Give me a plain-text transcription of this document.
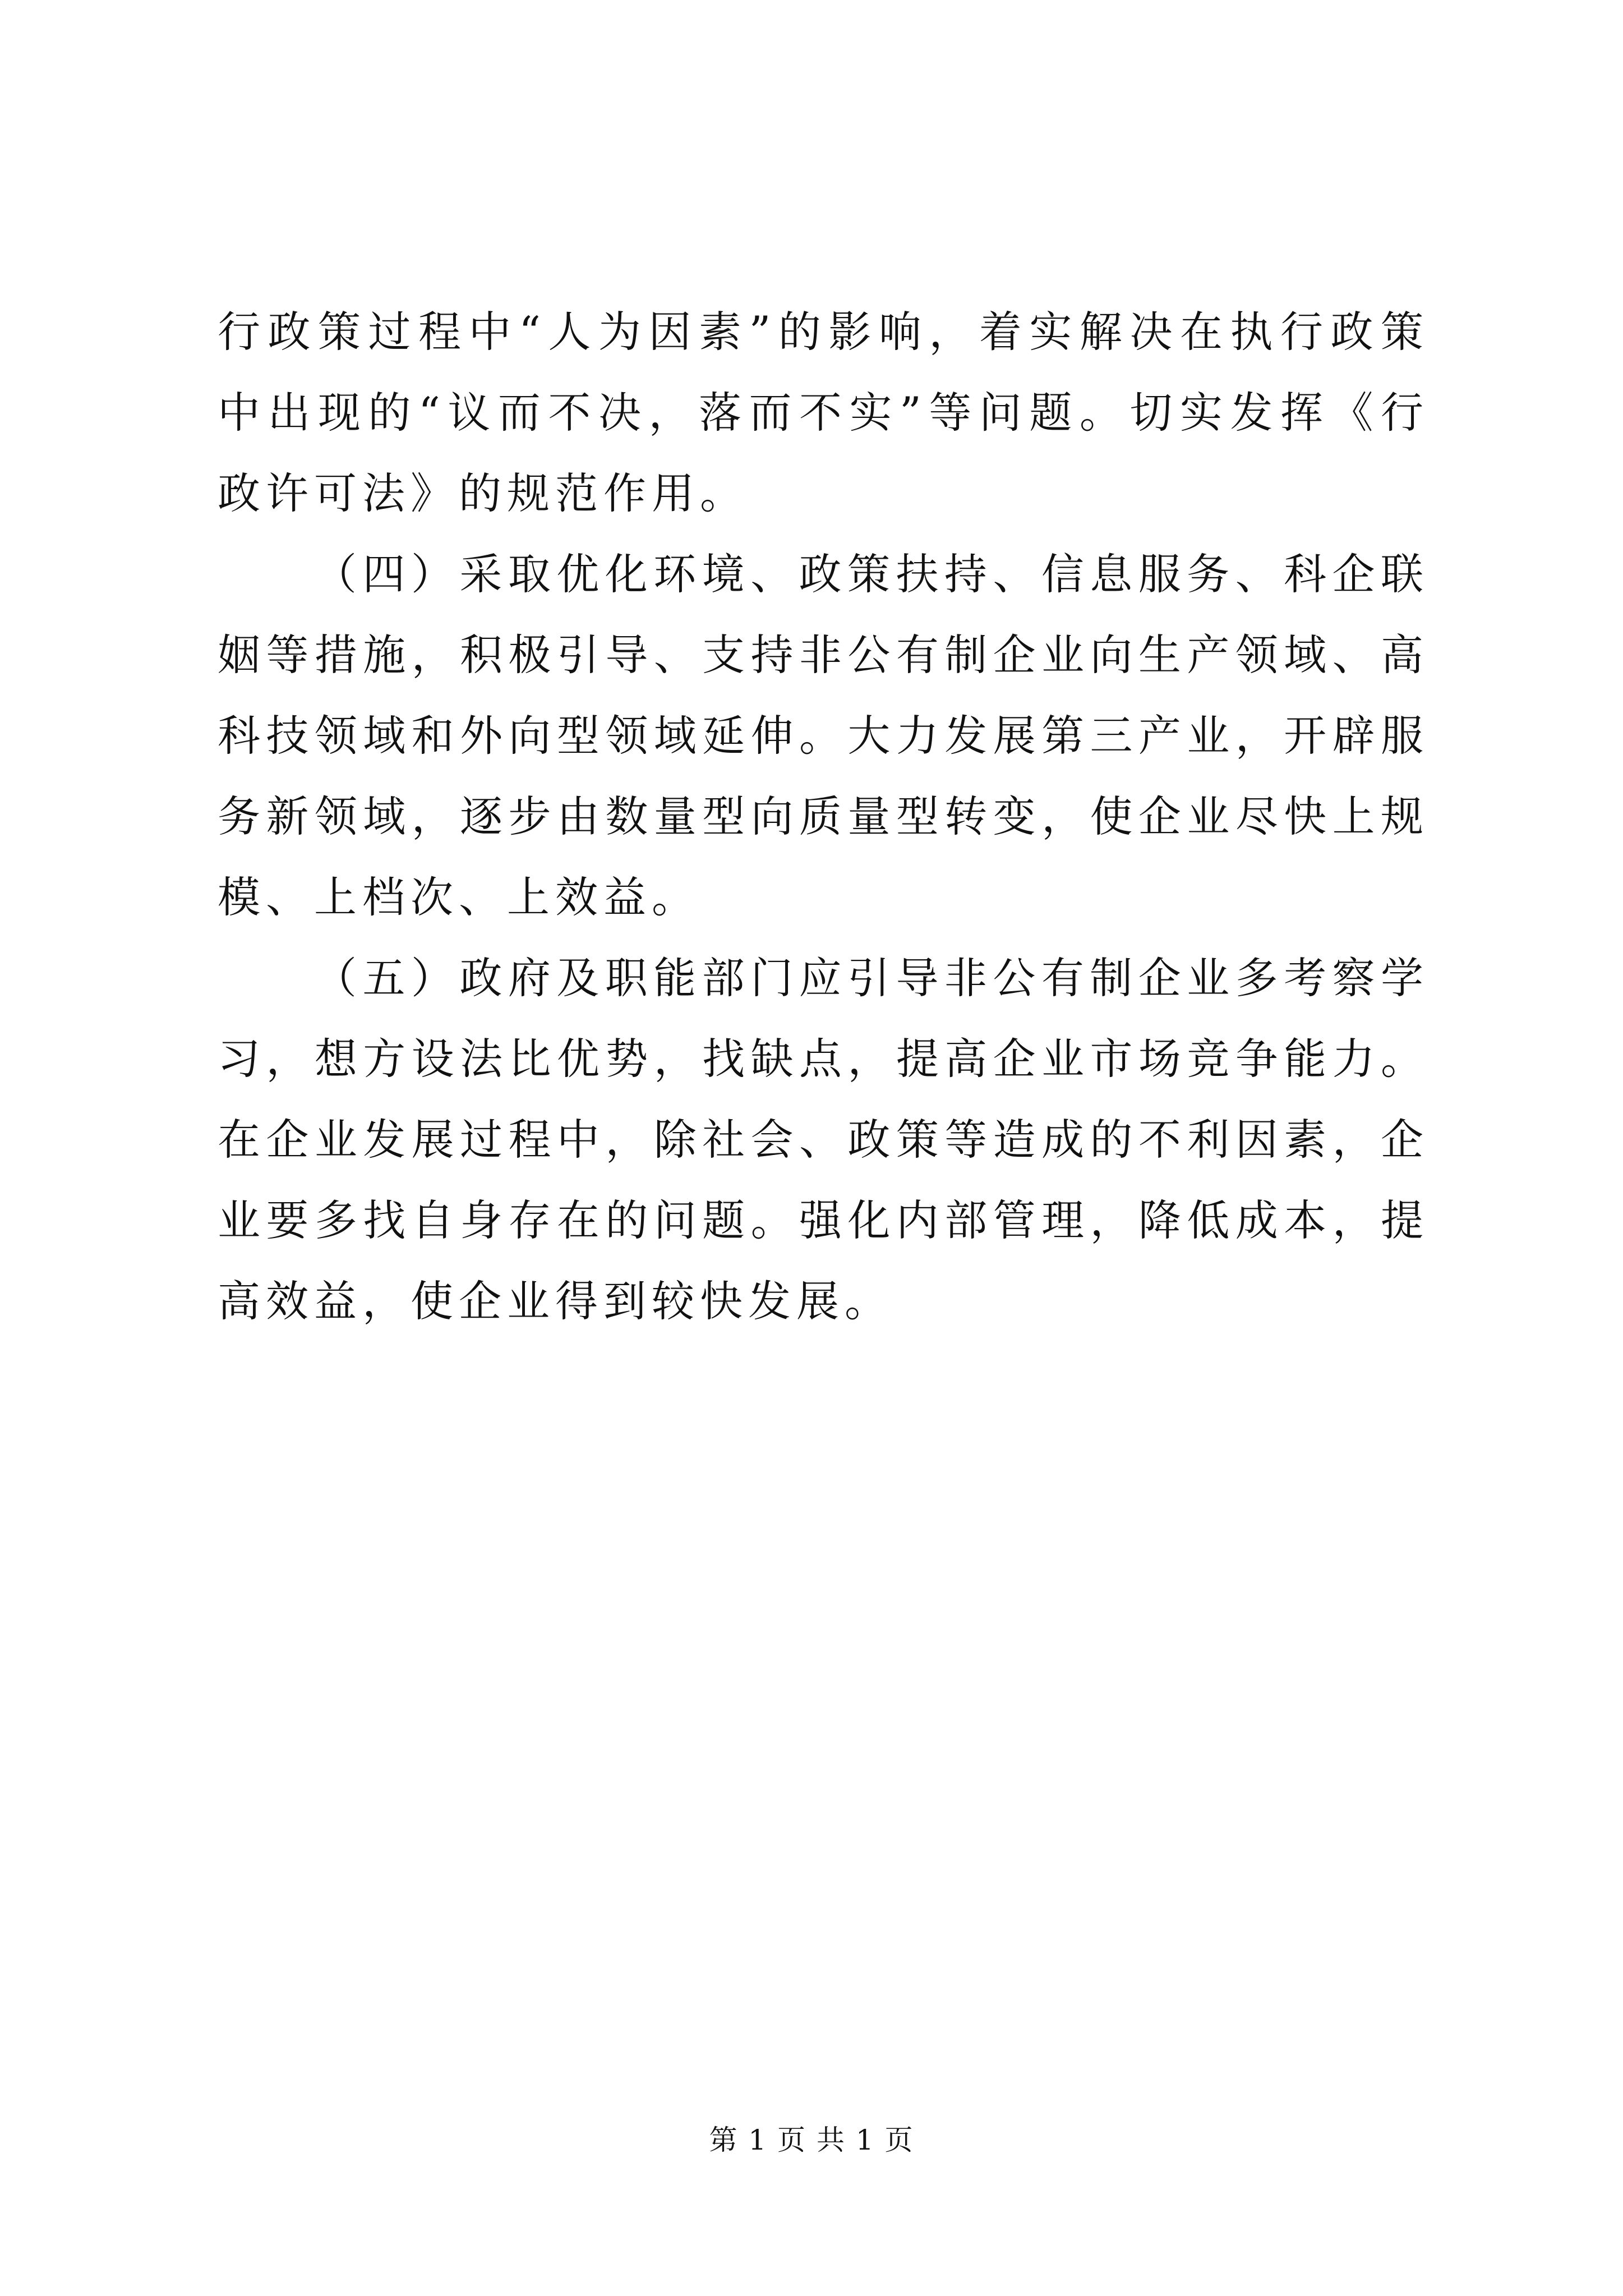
行政策过程中“人为因素”的影响，着实解决在执行政策中出现的“议而不决，落而不实”等问题。切实发挥《行政许可法》的规范作用。

（四）采取优化环境、政策扶持、信息服务、科企联姻等措施，积极引导、支持非公有制企业向生产领域、高科技领域和外向型领域延伸。大力发展第三产业，开辟服务新领域，逐步由数量型向质量型转变，使企业尽快上规模、上档次、上效益。

（五）政府及职能部门应引导非公有制企业多考察学习，想方设法比优势，找缺点，提高企业市场竞争能力。在企业发展过程中，除社会、政策等造成的不利因素，企业要多找自身存在的问题。强化内部管理，降低成本，提高效益，使企业得到较快发展。

第 1 页 共 1 页
